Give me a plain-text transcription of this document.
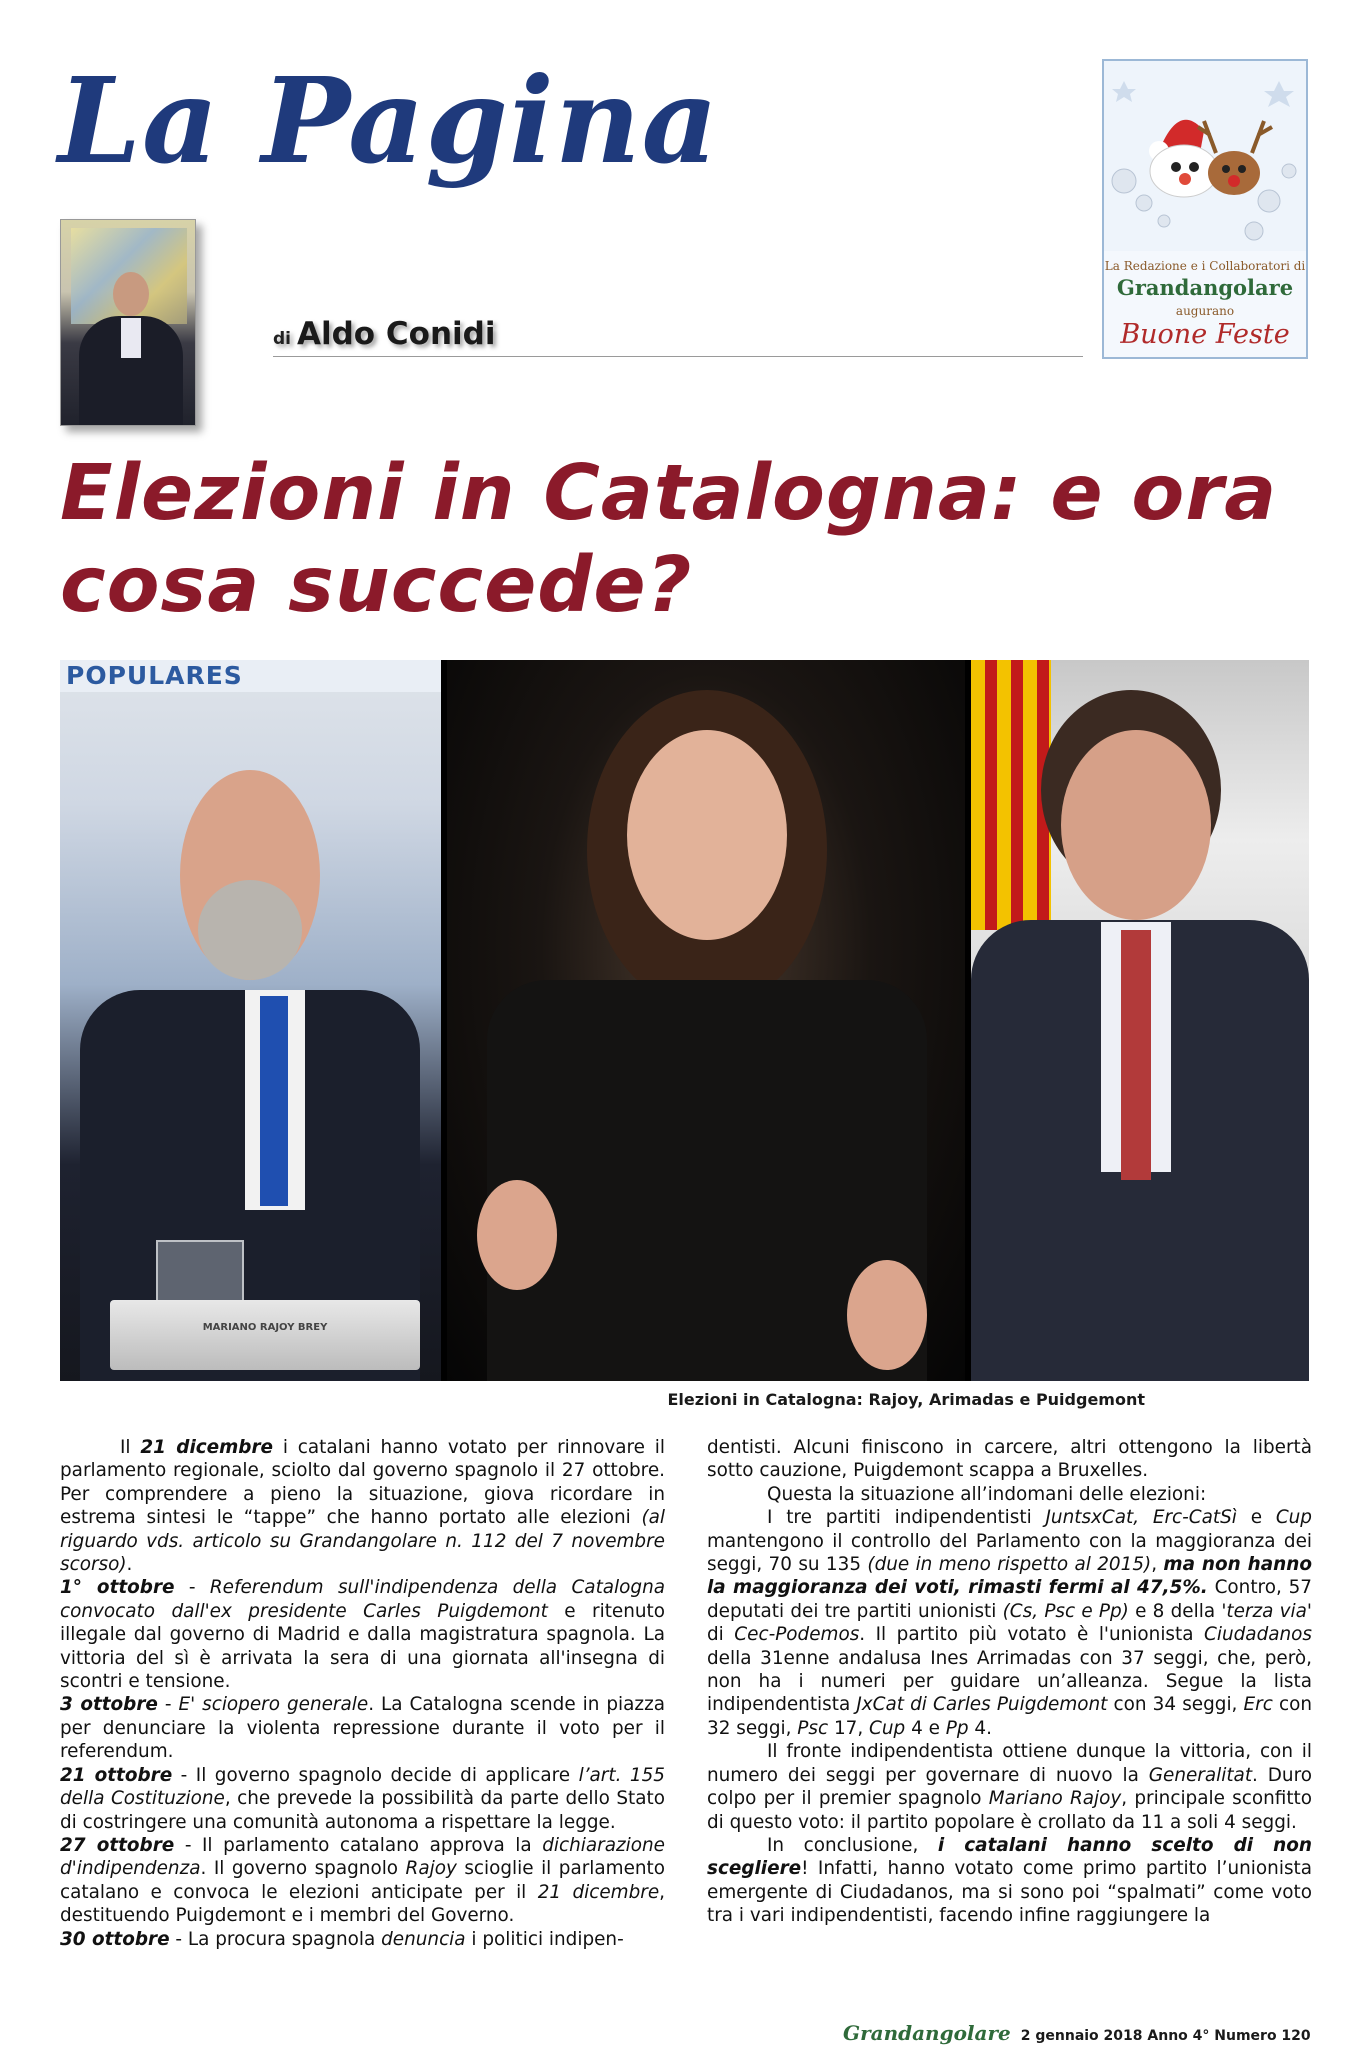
La Pagina
di Aldo Conidi
La Redazione e i Collaboratori di
Grandangolare
augurano
Buone Feste
Elezioni in Catalogna: e ora cosa succede?
POPULARES
MARIANO RAJOY BREY
Elezioni in Catalogna: Rajoy, Arimadas e Puidgemont

Il 21 dicembre i catalani hanno votato per rinnovare il parlamento regionale, sciolto dal governo spagnolo il 27 ottobre. Per comprendere a pieno la situazione, giova ricordare in estrema sintesi le “tappe” che hanno portato alle elezioni (al riguardo vds. articolo su Grandangolare n. 112 del 7 novembre scorso).

1° ottobre - Referendum sull'indipendenza della Catalogna convocato dall'ex presidente Carles Puigdemont e ritenuto illegale dal governo di Madrid e dalla magistratura spagnola. La vittoria del sì è arrivata la sera di una giornata all'insegna di scontri e tensione.

3 ottobre - E' sciopero generale. La Catalogna scende in piazza per denunciare la violenta repressione durante il voto per il referendum.

21 ottobre - Il governo spagnolo decide di applicare l’art. 155 della Costituzione, che prevede la possibilità da parte dello Stato di costringere una comunità autonoma a rispettare la legge.

27 ottobre - Il parlamento catalano approva la dichiarazione d'indipendenza. Il governo spagnolo Rajoy scioglie il parlamento catalano e convoca le elezioni anticipate per il 21 dicembre, destituendo Puigdemont e i membri del Governo.

30 ottobre - La procura spagnola denuncia i politici indipen-

dentisti. Alcuni finiscono in carcere, altri ottengono la libertà sotto cauzione, Puigdemont scappa a Bruxelles.

Questa la situazione all’indomani delle elezioni:

I tre partiti indipendentisti JuntsxCat, Erc-CatSì e Cup mantengono il controllo del Parlamento con la maggioranza dei seggi, 70 su 135 (due in meno rispetto al 2015), ma non hanno la maggioranza dei voti, rimasti fermi al 47,5%. Contro, 57 deputati dei tre partiti unionisti (Cs, Psc e Pp) e 8 della 'terza via' di Cec-Podemos. Il partito più votato è l'unionista Ciudadanos della 31enne andalusa Ines Arrimadas con 37 seggi, che, però, non ha i numeri per guidare un’alleanza. Segue la lista indipendentista JxCat di Carles Puigdemont con 34 seggi, Erc con 32 seggi, Psc 17, Cup 4 e Pp 4.

Il fronte indipendentista ottiene dunque la vittoria, con il numero dei seggi per governare di nuovo la Generalitat. Duro colpo per il premier spagnolo Mariano Rajoy, principale sconfitto di questo voto: il partito popolare è crollato da 11 a soli 4 seggi.

In conclusione, i catalani hanno scelto di non scegliere! Infatti, hanno votato come primo partito l’unionista emergente di Ciudadanos, ma si sono poi “spalmati” come voto tra i vari indipendentisti, facendo infine raggiungere la

Grandangolare 2 gennaio 2018 Anno 4° Numero 120
